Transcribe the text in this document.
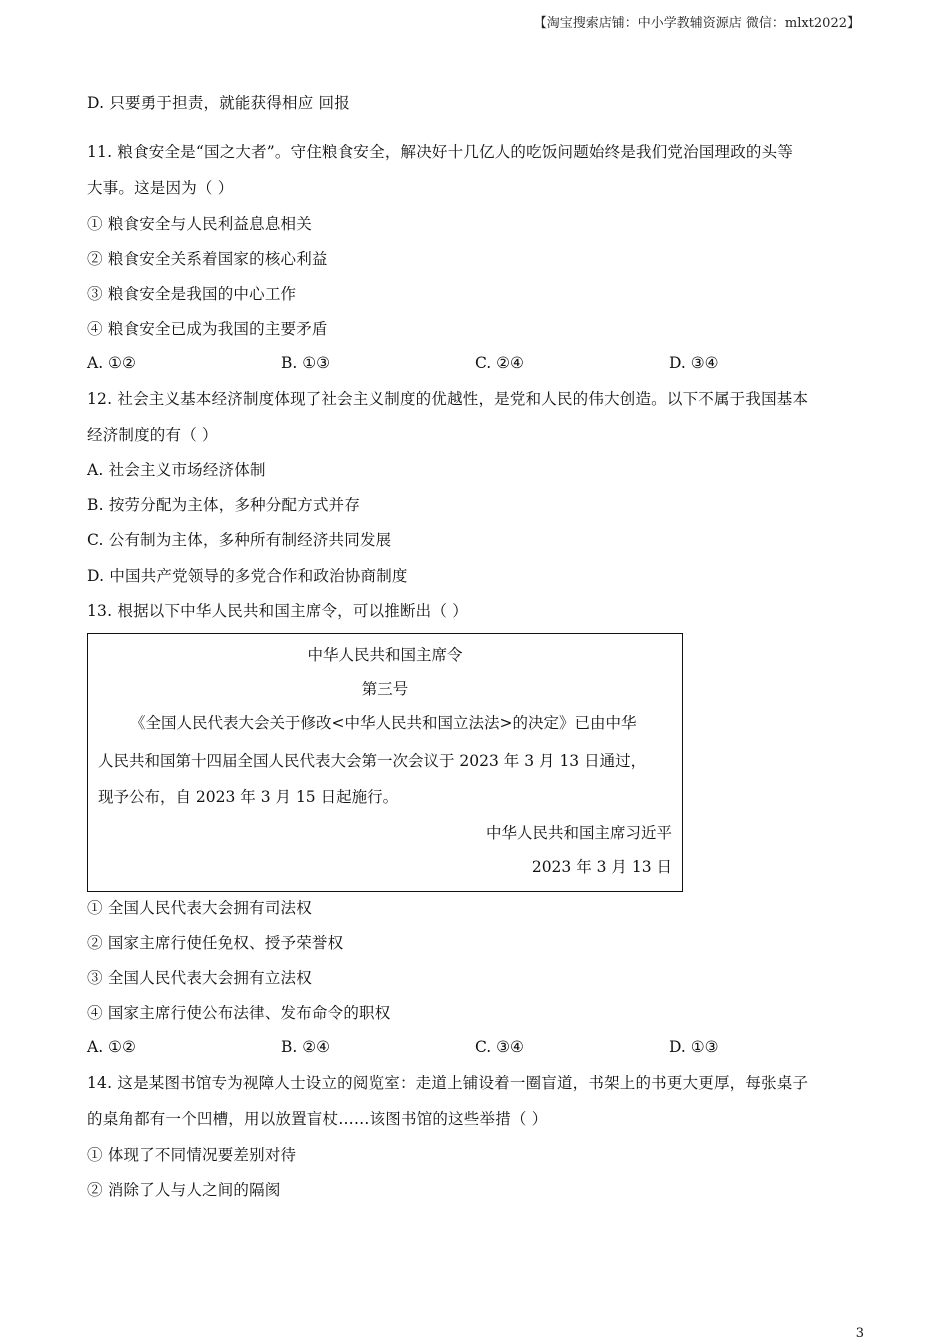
【淘宝搜索店铺：中小学教辅资源店 微信：mlxt2022】
D. 只要勇于担责，就能获得相应 回报
11. 粮食安全是“国之大者”。守住粮食安全，解决好十几亿人的吃饭问题始终是我们党治国理政的头等
大事。这是因为（ ）
① 粮食安全与人民利益息息相关
② 粮食安全关系着国家的核心利益
③ 粮食安全是我国的中心工作
④ 粮食安全已成为我国的主要矛盾
A. ①②	B. ①③	C. ②④	D. ③④
12. 社会主义基本经济制度体现了社会主义制度的优越性，是党和人民的伟大创造。以下不属于我国基本
经济制度的有（ ）
A. 社会主义市场经济体制
B. 按劳分配为主体，多种分配方式并存
C. 公有制为主体，多种所有制经济共同发展
D. 中国共产党领导的多党合作和政治协商制度
13. 根据以下中华人民共和国主席令，可以推断出（ ）
中华人民共和国主席令
第三号
《全国人民代表大会关于修改<中华人民共和国立法法>的决定》已由中华
人民共和国第十四届全国人民代表大会第一次会议于 2023 年 3 月 13 日通过，
现予公布，自 2023 年 3 月 15 日起施行。
中华人民共和国主席习近平
2023 年 3 月 13 日
① 全国人民代表大会拥有司法权
② 国家主席行使任免权、授予荣誉权
③ 全国人民代表大会拥有立法权
④ 国家主席行使公布法律、发布命令的职权
A. ①②	B. ②④	C. ③④	D. ①③
14. 这是某图书馆专为视障人士设立的阅览室：走道上铺设着一圈盲道，书架上的书更大更厚，每张桌子
的桌角都有一个凹槽，用以放置盲杖……该图书馆的这些举措（ ）
① 体现了不同情况要差别对待
② 消除了人与人之间的隔阂
3
